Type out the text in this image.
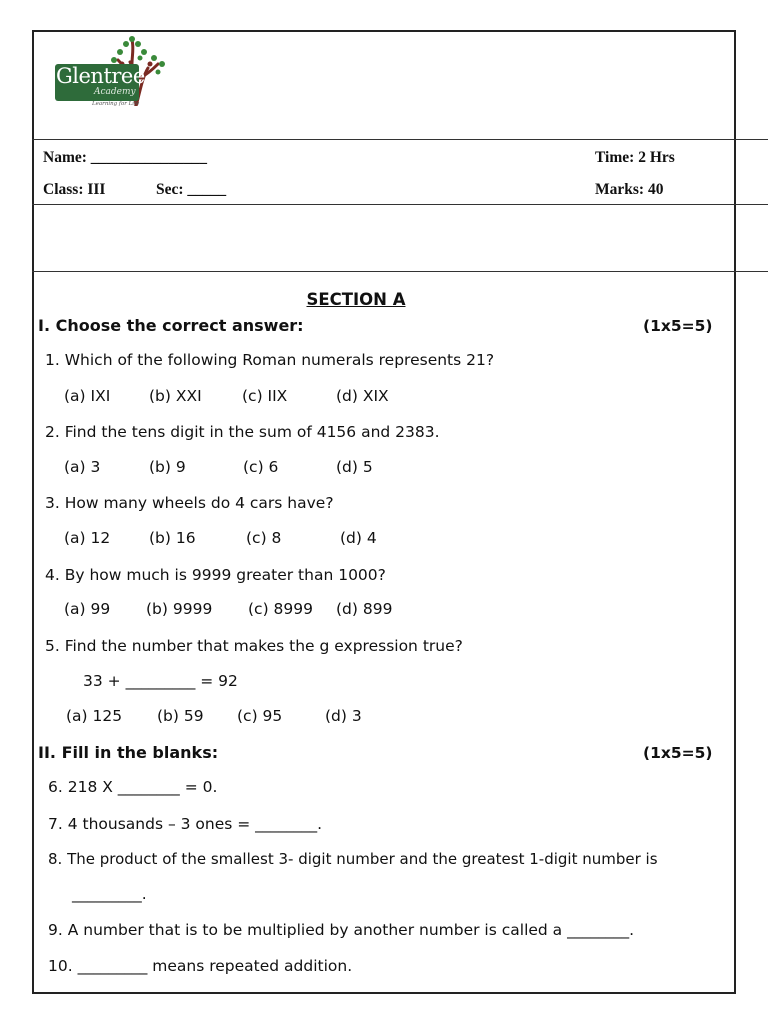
Glentree
Academy
Learning for Life
Name: _______________	Time: 2 Hrs
Class: III	Sec: _____	Marks: 40
SECTION A
I. Choose the correct answer:	(1x5=5)
1. Which of the following Roman numerals represents 21?
(a) IXI (b) XXI	(c) IIX	(d) XIX
2. Find the tens digit in the sum of 4156 and 2383.
(a) 3	(b) 9	(c) 6	(d) 5
3. How many wheels do 4 cars have?
(a) 12	(b) 16	(c) 8	(d) 4
4. By how much is 9999 greater than 1000?
(a) 99 (b) 9999 (c) 8999 (d) 899
5. Find the number that makes the g expression true?
33 + _________ = 92
(a) 125 (b) 59 (c) 95	(d) 3
II. Fill in the blanks:	(1x5=5)
6. 218 X ________ = 0.
7. 4 thousands – 3 ones = ________.
8. The product of the smallest 3- digit number and the greatest 1-digit number is
_________.
9. A number that is to be multiplied by another number is called a ________.
10. _________ means repeated addition.
